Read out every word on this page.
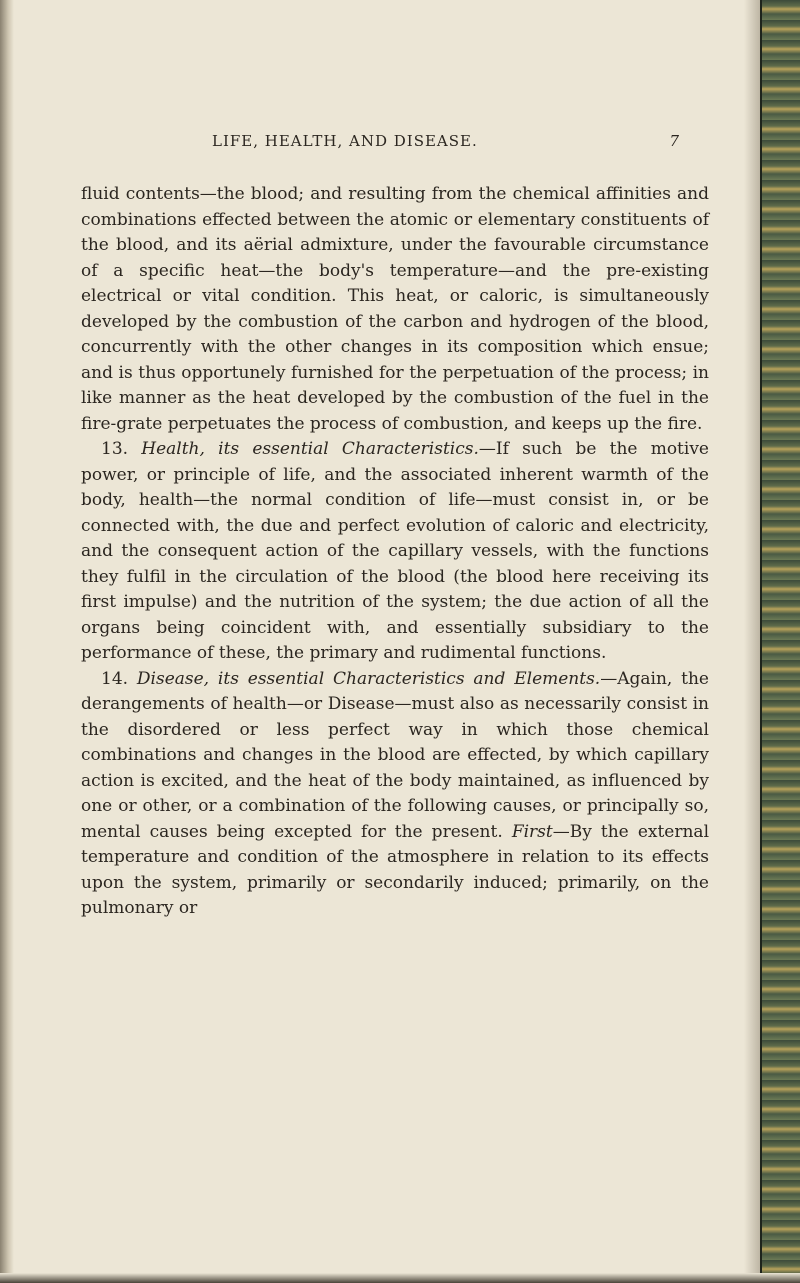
LIFE, HEALTH, AND DISEASE.	7

fluid contents—the blood; and resulting from the chemical affinities and combinations effected between the atomic or elementary constituents of the blood, and its aërial admixture, under the favourable circumstance of a specific heat—the body's temperature—and the pre-existing electrical or vital condition. This heat, or caloric, is simultaneously developed by the combustion of the carbon and hydrogen of the blood, concurrently with the other changes in its composition which ensue; and is thus opportunely furnished for the perpetuation of the process; in like manner as the heat developed by the combustion of the fuel in the fire-grate perpetuates the process of combustion, and keeps up the fire.

13. Health, its essential Characteristics.—If such be the motive power, or principle of life, and the associated inherent warmth of the body, health—the normal condition of life—must consist in, or be connected with, the due and perfect evolution of caloric and electricity, and the consequent action of the capillary vessels, with the functions they fulfil in the circulation of the blood (the blood here receiving its first impulse) and the nutrition of the system; the due action of all the organs being coincident with, and essentially subsidiary to the performance of these, the primary and rudimental functions.

14. Disease, its essential Characteristics and Elements.—Again, the derangements of health—or Disease—must also as necessarily consist in the disordered or less perfect way in which those chemical combinations and changes in the blood are effected, by which capillary action is excited, and the heat of the body maintained, as influenced by one or other, or a combination of the following causes, or principally so, mental causes being excepted for the present. First—By the external temperature and condition of the atmosphere in relation to its effects upon the system, primarily or secondarily induced; primarily, on the pulmonary or
